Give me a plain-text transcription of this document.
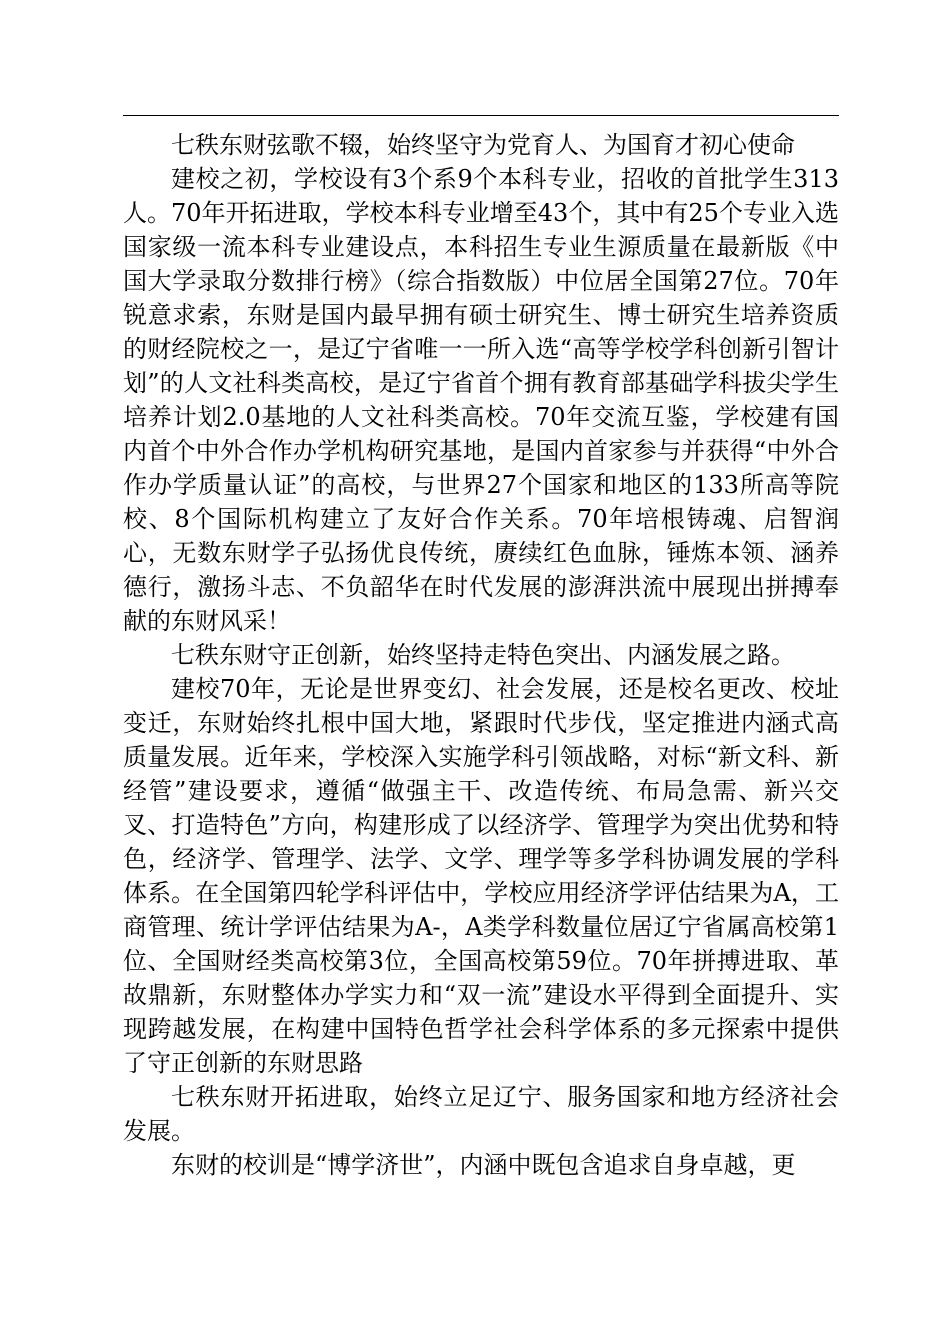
七秩东财弦歌不辍，始终坚守为党育人、为国育才初心使命

建校之初，学校设有3个系9个本科专业，招收的首批学生313人。70年开拓进取，学校本科专业增至43个，其中有25个专业入选国家级一流本科专业建设点，本科招生专业生源质量在最新版《中国大学录取分数排行榜》（综合指数版）中位居全国第27位。70年锐意求索，东财是国内最早拥有硕士研究生、博士研究生培养资质的财经院校之一，是辽宁省唯一一所入选“高等学校学科创新引智计划”的人文社科类高校，是辽宁省首个拥有教育部基础学科拔尖学生培养计划2.0基地的人文社科类高校。70年交流互鉴，学校建有国内首个中外合作办学机构研究基地，是国内首家参与并获得“中外合作办学质量认证”的高校，与世界27个国家和地区的133所高等院校、8个国际机构建立了友好合作关系。70年培根铸魂、启智润心，无数东财学子弘扬优良传统，赓续红色血脉，锤炼本领、涵养德行，激扬斗志、不负韶华在时代发展的澎湃洪流中展现出拼搏奉献的东财风采！

七秩东财守正创新，始终坚持走特色突出、内涵发展之路。

建校70年，无论是世界变幻、社会发展，还是校名更改、校址变迁，东财始终扎根中国大地，紧跟时代步伐，坚定推进内涵式高质量发展。近年来，学校深入实施学科引领战略，对标“新文科、新经管”建设要求，遵循“做强主干、改造传统、布局急需、新兴交叉、打造特色”方向，构建形成了以经济学、管理学为突出优势和特色，经济学、管理学、法学、文学、理学等多学科协调发展的学科体系。在全国第四轮学科评估中，学校应用经济学评估结果为A，工商管理、统计学评估结果为A-，A类学科数量位居辽宁省属高校第1位、全国财经类高校第3位，全国高校第59位。70年拼搏进取、革故鼎新，东财整体办学实力和“双一流”建设水平得到全面提升、实现跨越发展，在构建中国特色哲学社会科学体系的多元探索中提供了守正创新的东财思路

七秩东财开拓进取，始终立足辽宁、服务国家和地方经济社会发展。

东财的校训是“博学济世”，内涵中既包含追求自身卓越，更
